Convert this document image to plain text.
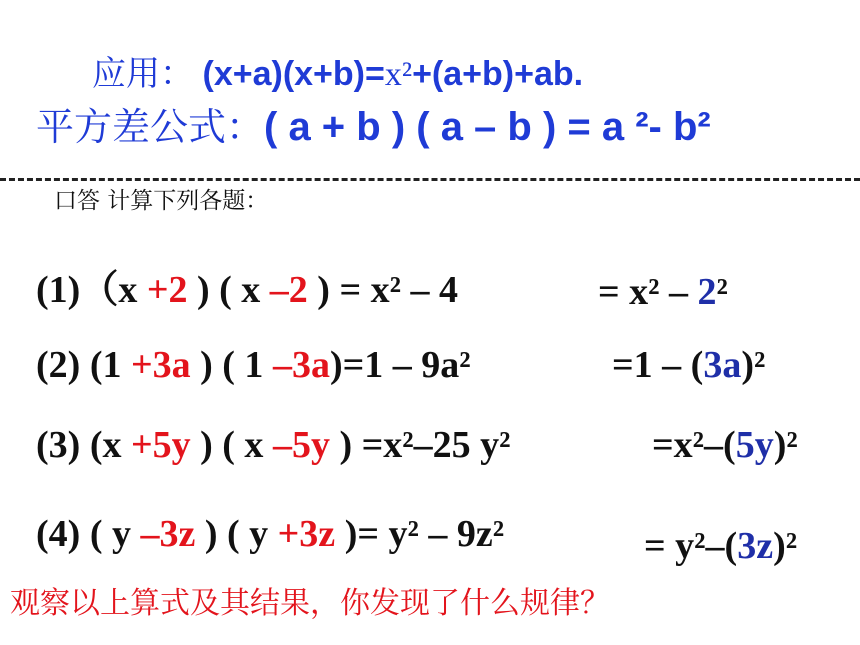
应用： (x+a)(x+b)=x²+(a+b)+ab.
平方差公式：( a + b ) ( a – b ) = a ²- b²
口答 计算下列各题：
(1)（x +2 ) ( x –2 ) = x² – 4	= x² – 2²
(2) (1 +3a ) ( 1 –3a)=1 – 9a²	=1 – (3a)²
(3) (x +5y ) ( x –5y ) =x²–25 y²	=x²–(5y)²
(4) ( y –3z ) ( y +3z )= y² – 9z²	= y²–(3z)²
观察以上算式及其结果，你发现了什么规律？
